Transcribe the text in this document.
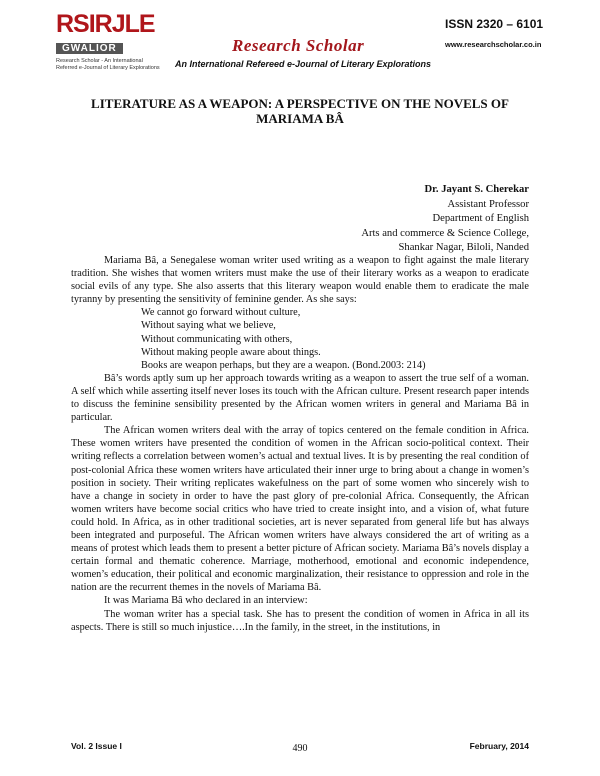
RSIRJLE
GWALIOR
Research Scholar - An International Referred e-Journal of Literary Explorations
Research Scholar
An International Refereed e-Journal of Literary Explorations
ISSN 2320 – 6101
www.researchscholar.co.in
LITERATURE AS A WEAPON: A PERSPECTIVE ON THE NOVELS OF MARIAMA BÂ
Dr. Jayant S. Cherekar
Assistant Professor
Department of English
Arts and commerce & Science College,
Shankar Nagar, Biloli, Nanded

Mariama Bâ, a Senegalese woman writer used writing as a weapon to fight against the male literary tradition. She wishes that women writers must make the use of their literary works as a weapon to eradicate social evils of any type. She also asserts that this literary weapon would enable them to eradicate the male tyranny by presenting the sensitivity of feminine gender. As she says:

We cannot go forward without culture,
Without saying what we believe,
Without communicating with others,
Without making people aware about things.
Books are weapon perhaps, but they are a weapon. (Bond.2003: 214)

Bâ’s words aptly sum up her approach towards writing as a weapon to assert the true self of a woman. A self which while asserting itself never loses its touch with the African culture. Present research paper intends to discuss the feminine sensibility presented by the African women writers in general and Mariama Bâ in particular.

The African women writers deal with the array of topics centered on the female condition in Africa. These women writers have presented the condition of women in the African socio-political context. Their writing reflects a correlation between women’s actual and textual lives. It is by presenting the real condition of post-colonial Africa these women writers have articulated their inner urge to bring about a change in women’s position in society. Their writing replicates wakefulness on the part of some women who sincerely wish to have a change in society in order to have the past glory of pre-colonial Africa. Consequently, the African women writers have become social critics who have tried to create insight into, and a vision of, what future could hold. In Africa, as in other traditional societies, art is never separated from general life but has always been integrated and purposeful. The African women writers have always considered the art of writing as a means of protest which leads them to present a better picture of African society. Mariama Bâ’s novels display a certain formal and thematic coherence. Marriage, motherhood, emotional and economic independence, women’s education, their political and economic marginalization, their resistance to oppression and role in the nation are the recurrent themes in the novels of Mariama Bâ.

It was Mariama Bâ who declared in an interview:

The woman writer has a special task. She has to present the condition of women in Africa in all its aspects. There is still so much injustice….In the family, in the street, in the institutions, in

Vol. 2 Issue I	490	February, 2014
